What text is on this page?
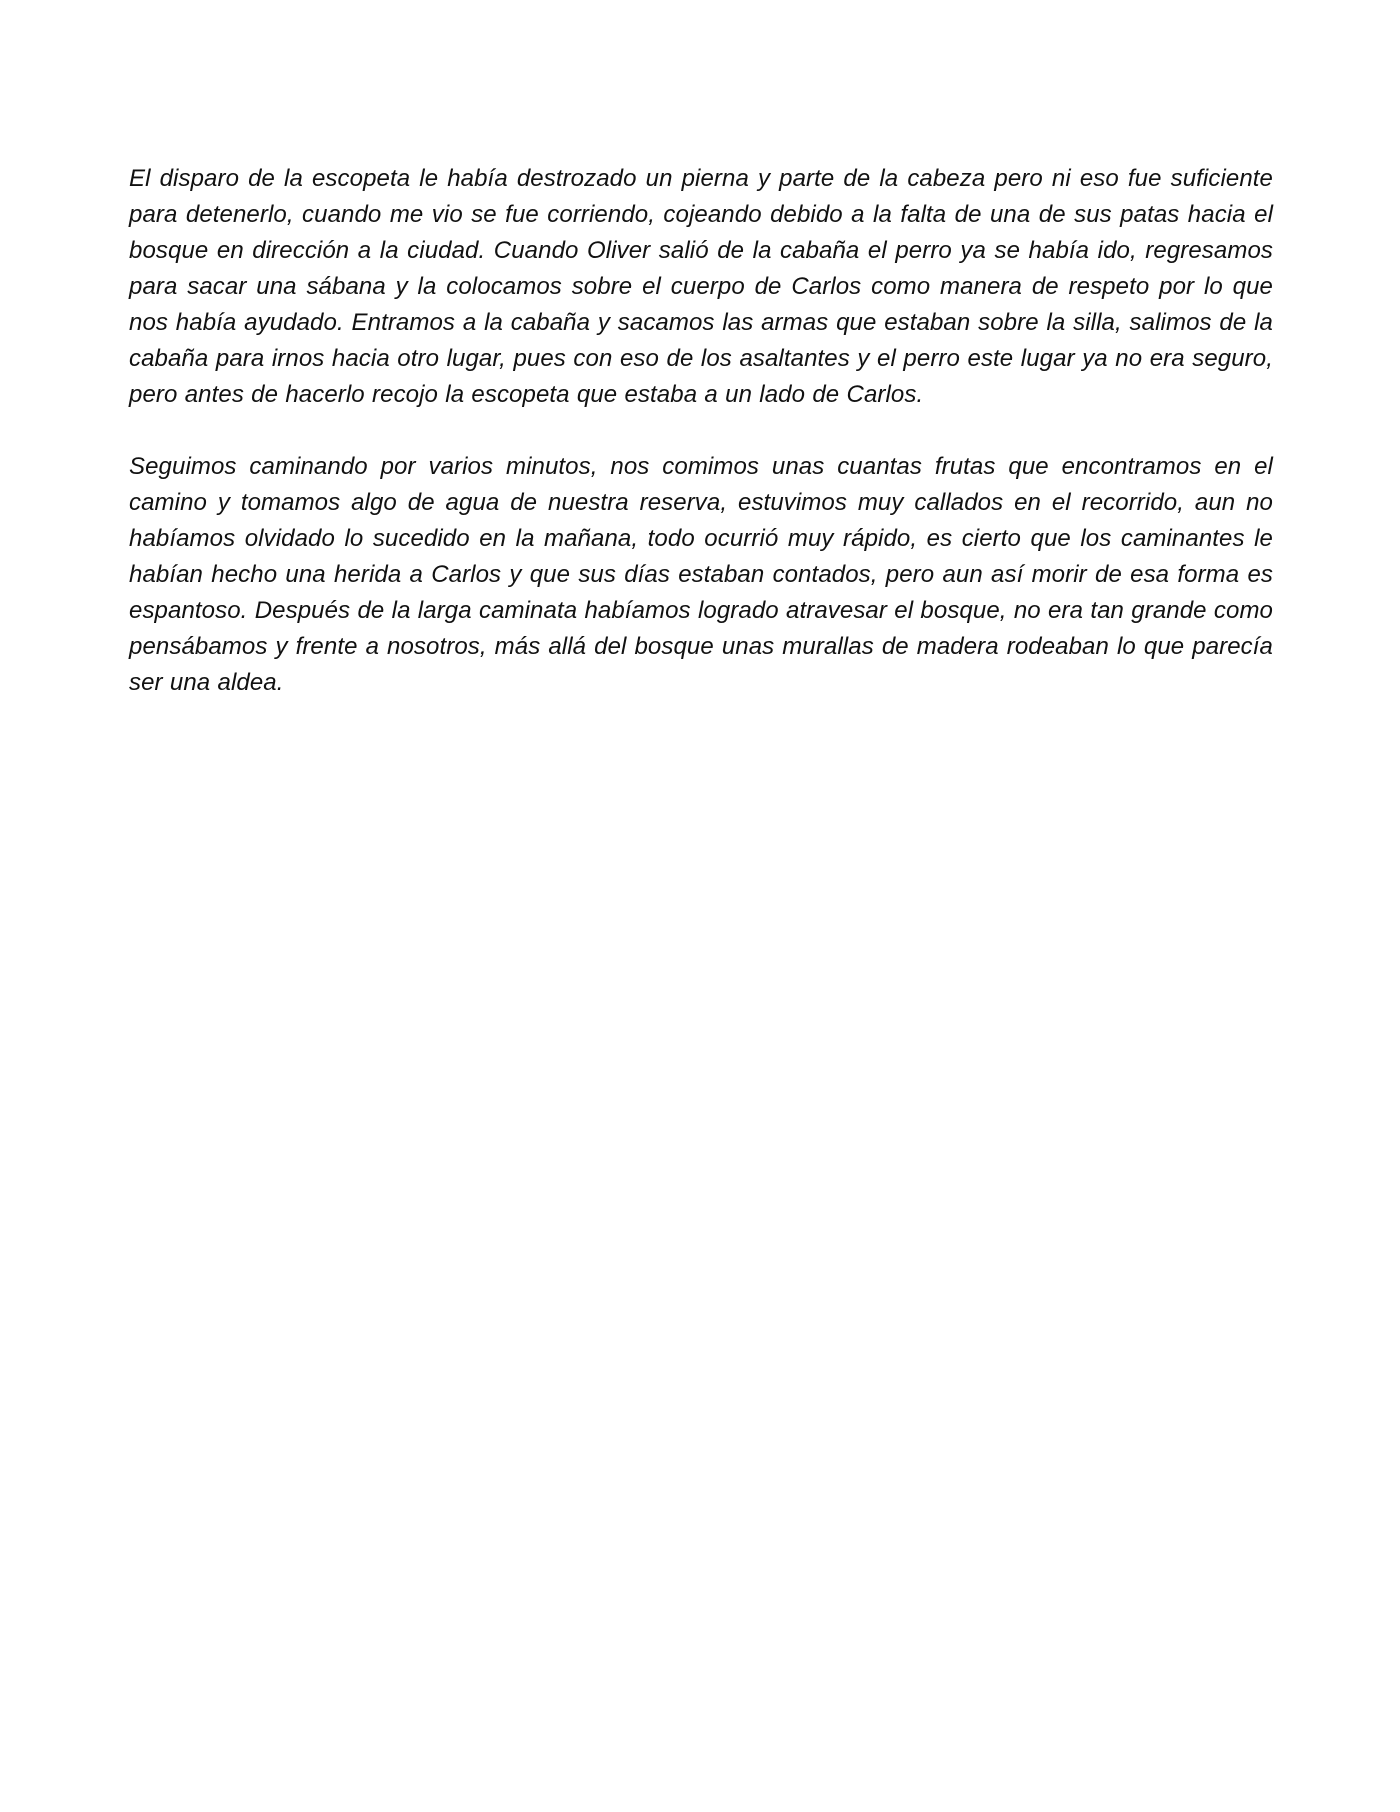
El disparo de la escopeta le había destrozado un pierna y parte de la cabeza pero ni eso fue suficiente para detenerlo, cuando me vio se fue corriendo, cojeando debido a la falta de una de sus patas hacia el bosque en dirección a la ciudad. Cuando Oliver salió de la cabaña el perro ya se había ido, regresamos para sacar una sábana y la colocamos sobre el cuerpo de Carlos como manera de respeto por lo que nos había ayudado. Entramos a la cabaña y sacamos las armas que estaban sobre la silla, salimos de la cabaña para irnos hacia otro lugar, pues con eso de los asaltantes y el perro este lugar ya no era seguro, pero antes de hacerlo recojo la escopeta que estaba a un lado de Carlos.

Seguimos caminando por varios minutos, nos comimos unas cuantas frutas que encontramos en el camino y tomamos algo de agua de nuestra reserva, estuvimos muy callados en el recorrido, aun no habíamos olvidado lo sucedido en la mañana, todo ocurrió muy rápido, es cierto que los caminantes le habían hecho una herida a Carlos y que sus días estaban contados, pero aun así morir de esa forma es espantoso. Después de la larga caminata habíamos logrado atravesar el bosque, no era tan grande como pensábamos y frente a nosotros, más allá del bosque unas murallas de madera rodeaban lo que parecía ser una aldea.
